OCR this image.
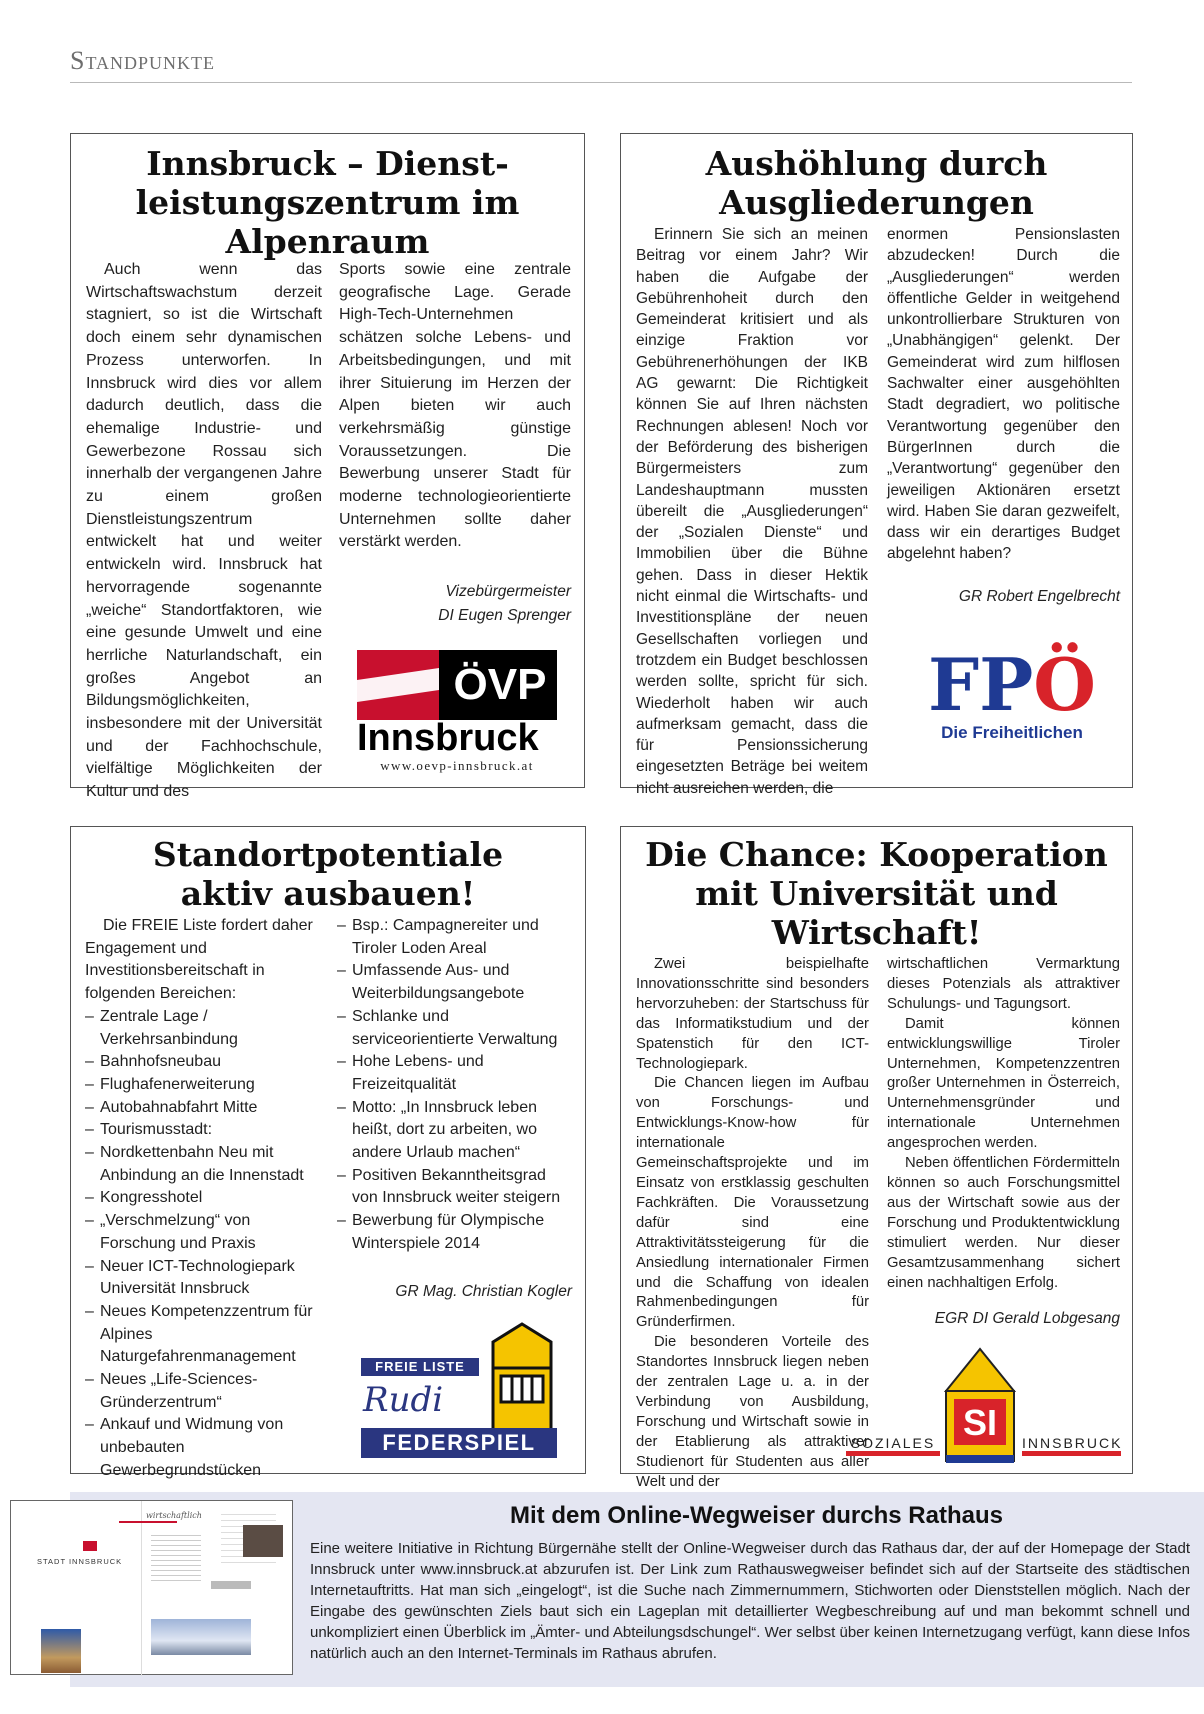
Standpunkte
Innsbruck – Dienst-
leistungszentrum im
Alpenraum

Auch wenn das Wirtschaftswachstum derzeit stagniert, so ist die Wirtschaft doch einem sehr dynamischen Prozess unterworfen. In Innsbruck wird dies vor allem dadurch deutlich, dass die ehemalige Industrie- und Gewerbezone Rossau sich innerhalb der vergangenen Jahre zu einem großen Dienstleistungszentrum entwickelt hat und weiter entwickeln wird. Innsbruck hat hervorragende sogenannte „weiche“ Standortfaktoren, wie eine gesunde Umwelt und eine herrliche Naturlandschaft, ein großes Angebot an Bildungsmöglichkeiten, insbesondere mit der Universität und der Fachhochschule, vielfältige Möglichkeiten der Kultur und des

Sports sowie eine zentrale geografische Lage. Gerade High-Tech-Unternehmen schätzen solche Lebens- und Arbeitsbedingungen, und mit ihrer Situierung im Herzen der Alpen bieten wir auch verkehrsmäßig günstige Voraussetzungen. Die Bewerbung unserer Stadt für moderne technologieorientierte Unternehmen sollte daher verstärkt werden.

Vizebürgermeister
DI Eugen Sprenger
ÖVP
Innsbruck
www.oevp-innsbruck.at
Aushöhlung durch
Ausgliederungen

Erinnern Sie sich an meinen Beitrag vor einem Jahr? Wir haben die Aufgabe der Gebührenhoheit durch den Gemeinderat kritisiert und als einzige Fraktion vor Gebührenerhöhungen der IKB AG gewarnt: Die Richtigkeit können Sie auf Ihren nächsten Rechnungen ablesen! Noch vor der Beförderung des bisherigen Bürgermeisters zum Landeshauptmann mussten übereilt die „Ausgliederungen“ der „Sozialen Dienste“ und Immobilien über die Bühne gehen. Dass in dieser Hektik nicht einmal die Wirtschafts- und Investitionspläne der neuen Gesellschaften vorliegen und trotzdem ein Budget beschlossen werden sollte, spricht für sich. Wiederholt haben wir auch aufmerksam gemacht, dass die für Pensionssicherung eingesetzten Beträge bei weitem nicht ausreichen werden, die

enormen Pensionslasten abzudecken! Durch die „Ausgliederungen“ werden öffentliche Gelder in weitgehend unkontrollierbare Strukturen von „Unabhängigen“ gelenkt. Der Gemeinderat wird zum hilflosen Sachwalter einer ausgehöhlten Stadt degradiert, wo politische Verantwortung gegenüber den BürgerInnen durch die „Verantwortung“ gegenüber den jeweiligen Aktionären ersetzt wird. Haben Sie daran gezweifelt, dass wir ein derartiges Budget abgelehnt haben?

GR Robert Engelbrecht
FPÖ
Die Freiheitlichen
Standortpotentiale
aktiv ausbauen!

Die FREIE Liste fordert daher Engagement und Investitionsbereitschaft in folgenden Bereichen:

– Zentrale Lage / Verkehrsanbindung
– Bahnhofsneubau
– Flughafenerweiterung
– Autobahnabfahrt Mitte
– Tourismusstadt:
– Nordkettenbahn Neu mit Anbindung an die Innenstadt
– Kongresshotel
– „Verschmelzung“ von Forschung und Praxis
– Neuer ICT-Technologiepark Universität Innsbruck
– Neues Kompetenzzentrum für Alpines Naturgefahrenmanagement
– Neues „Life-Sciences-Gründerzentrum“
– Ankauf und Widmung von unbebauten Gewerbegrundstücken
– Bsp.: Campagnereiter und Tiroler Loden Areal
– Umfassende Aus- und Weiterbildungsangebote
– Schlanke und serviceorientierte Verwaltung
– Hohe Lebens- und Freizeitqualität
– Motto: „In Innsbruck leben heißt, dort zu arbeiten, wo andere Urlaub machen“
– Positiven Bekanntheitsgrad von Innsbruck weiter steigern
– Bewerbung für Olympische Winterspiele 2014
GR Mag. Christian Kogler
FREIE LISTE
Rudi
FEDERSPIEL
Die Chance: Kooperation
mit Universität und
Wirtschaft!

Zwei beispielhafte Innovationsschritte sind besonders hervorzuheben: der Startschuss für das Informatikstudium und der Spatenstich für den ICT-Technologiepark.

Die Chancen liegen im Aufbau von Forschungs- und Entwicklungs-Know-how für internationale Gemeinschaftsprojekte und im Einsatz von erstklassig geschulten Fachkräften. Die Voraussetzung dafür sind eine Attraktivitätssteigerung für die Ansiedlung internationaler Firmen und die Schaffung von idealen Rahmenbedingungen für Gründerfirmen.

Die besonderen Vorteile des Standortes Innsbruck liegen neben der zentralen Lage u. a. in der Verbindung von Ausbildung, Forschung und Wirtschaft sowie in der Etablierung als attraktiver Studienort für Studenten aus aller Welt und der

wirtschaftlichen Vermarktung dieses Potenzials als attraktiver Schulungs- und Tagungsort.

Damit können entwicklungswillige Tiroler Unternehmen, Kompetenzzentren großer Unternehmen in Österreich, Unternehmensgründer und internationale Unternehmen angesprochen werden.

Neben öffentlichen Fördermitteln können so auch Forschungsmittel aus der Wirtschaft sowie aus der Forschung und Produktentwicklung stimuliert werden. Nur dieser Gesamtzusammenhang sichert einen nachhaltigen Erfolg.

EGR DI Gerald Lobgesang
SI
SOZIALES	INNSBRUCK
Mit dem Online-Wegweiser durchs Rathaus

Eine weitere Initiative in Richtung Bürgernähe stellt der Online-Wegweiser durch das Rathaus dar, der auf der Homepage der Stadt Innsbruck unter www.innsbruck.at abzurufen ist. Der Link zum Rathauswegweiser befindet sich auf der Startseite des städtischen Internetauftritts. Hat man sich „eingelogt“, ist die Suche nach Zimmernummern, Stichworten oder Dienststellen möglich. Nach der Eingabe des gewünschten Ziels baut sich ein Lageplan mit detaillierter Wegbeschreibung auf und man bekommt schnell und unkompliziert einen Überblick im „Ämter- und Abteilungsdschungel“. Wer selbst über keinen Internetzugang verfügt, kann diese Infos natürlich auch an den Internet-Terminals im Rathaus abrufen.

STADT INNSBRUCK
wirtschaftlich
